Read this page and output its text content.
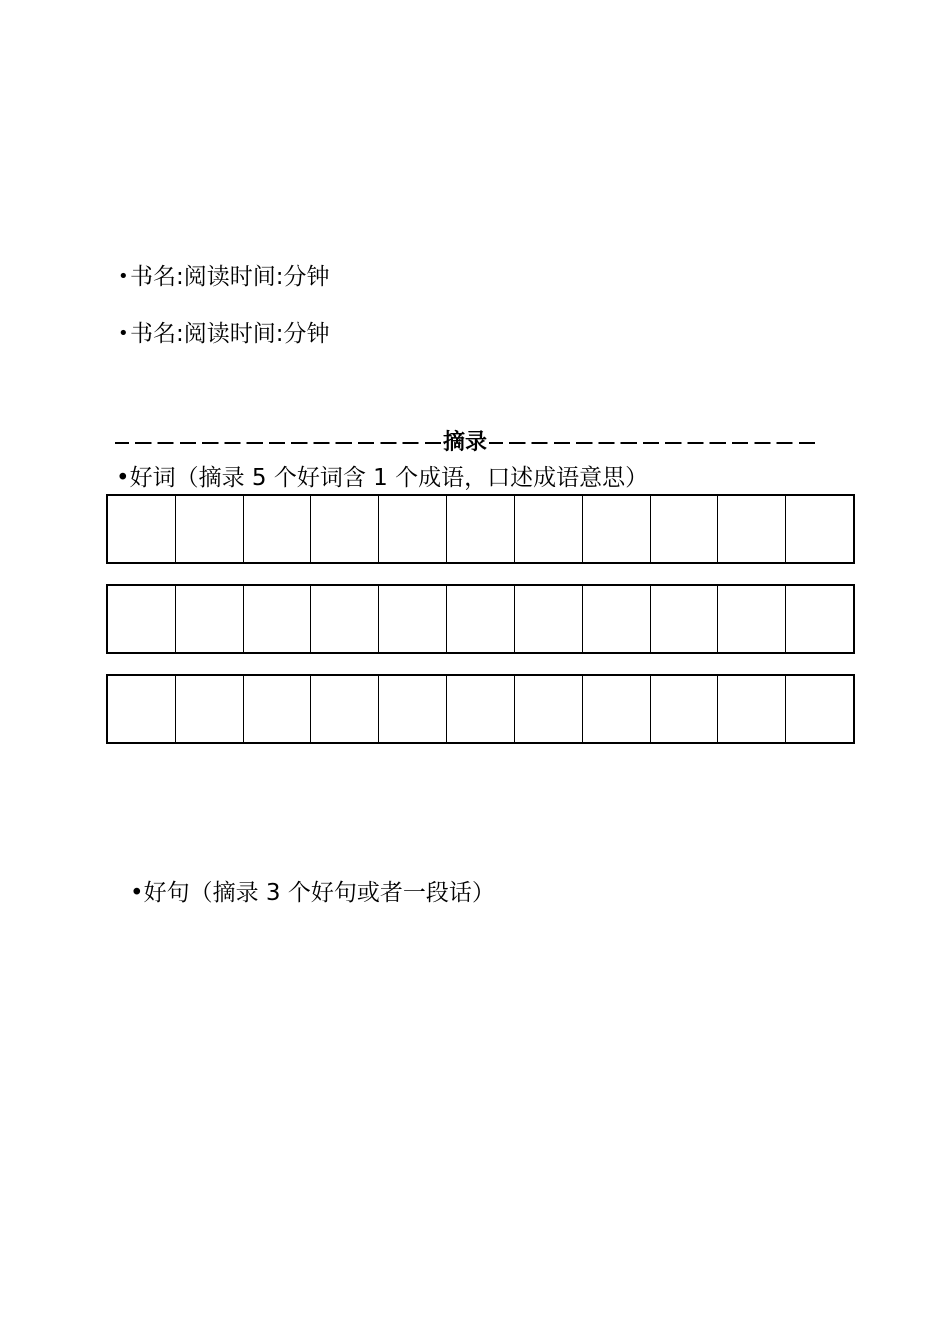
•书名:阅读时间:分钟
•书名:阅读时间:分钟
摘录
•好词（摘录 5 个好词含 1 个成语，口述成语意思）
•好句（摘录 3 个好句或者一段话）
